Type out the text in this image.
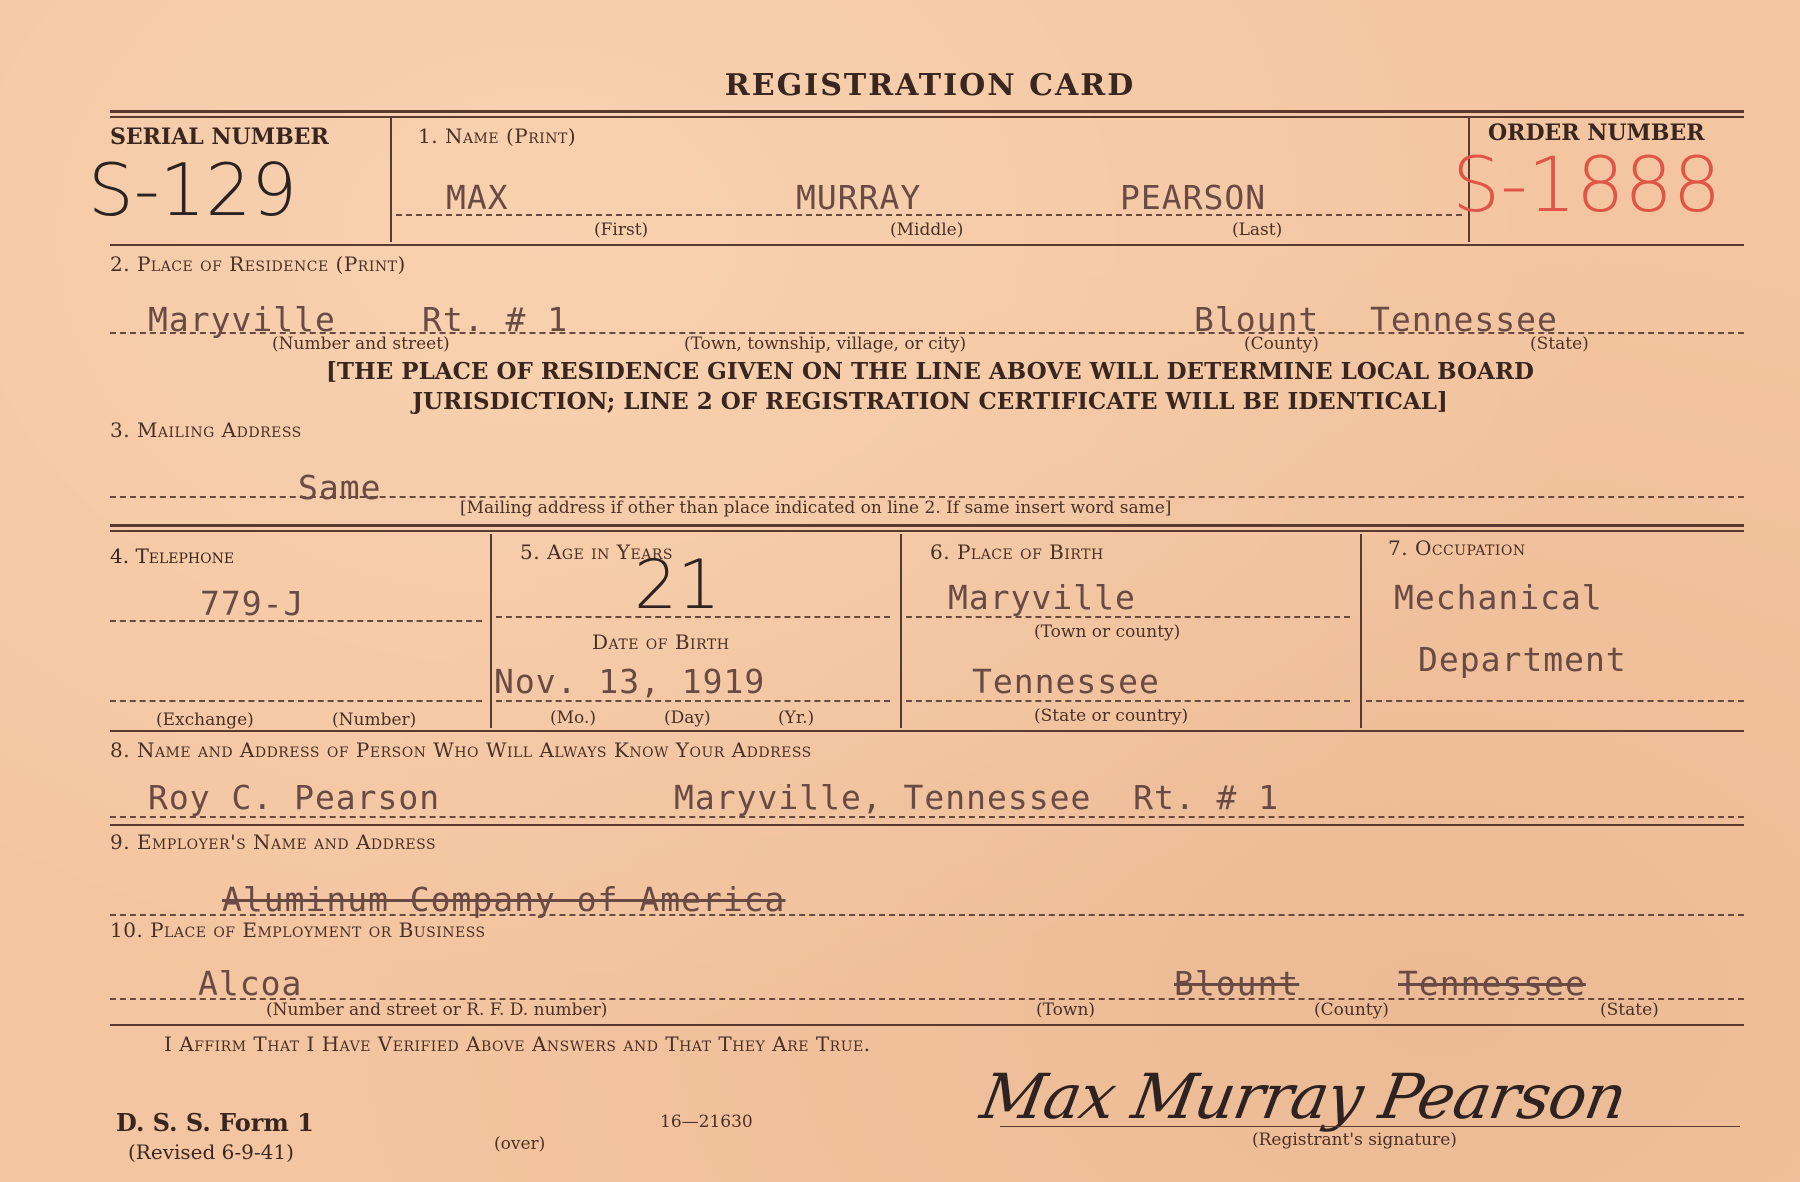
REGISTRATION CARD
SERIAL NUMBER
S-129
1. Name (Print)
MAX	MURRAY	PEARSON
(First)	(Middle)	(Last)
ORDER NUMBER
S-1888
2. Place of Residence (Print)
Maryville	Rt. # 1	Blount Tennessee
(Number and street)	(Town, township, village, or city)	(County)	(State)
[THE PLACE OF RESIDENCE GIVEN ON THE LINE ABOVE WILL DETERMINE LOCAL BOARD
JURISDICTION; LINE 2 OF REGISTRATION CERTIFICATE WILL BE IDENTICAL]
3. Mailing Address
Same
[Mailing address if other than place indicated on line 2. If same insert word same]
4. Telephone
779-J
(Exchange)	(Number)
5. Age in Years
21
Date of Birth
Nov. 13, 1919
(Mo.)	(Day)	(Yr.)
6. Place of Birth
Maryville
(Town or county)
Tennessee
(State or country)
7. Occupation
Mechanical
Department
8. Name and Address of Person Who Will Always Know Your Address
Roy C. Pearson	Maryville, Tennessee  Rt. # 1
9. Employer's Name and Address
Aluminum Company of America
10. Place of Employment or Business
Alcoa	Blount	Tennessee
(Number and street or R. F. D. number)	(Town)	(County)	(State)
I Affirm That I Have Verified Above Answers and That They Are True.
Max Murray Pearson
(Registrant's signature)
D. S. S. Form 1
(Revised 6-9-41)	(over)
16—21630
